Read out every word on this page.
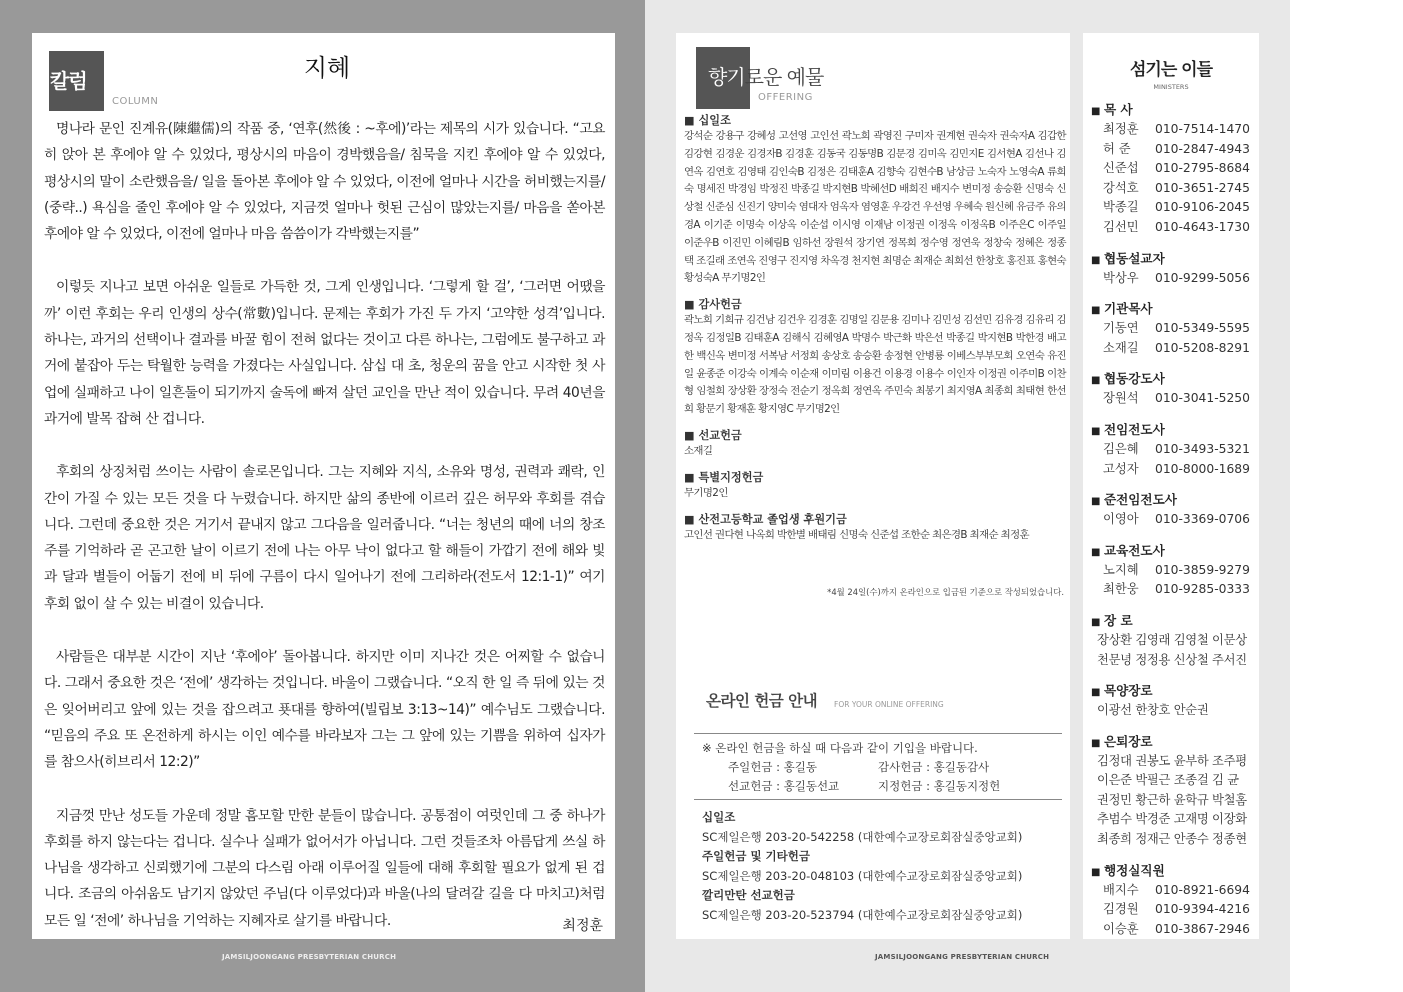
칼럼
COLUMN
지혜

명나라 문인 진계유(陳繼儒)의 작품 중, ‘연후(然後 : ~후에)’라는 제목의 시가 있습니다. “고요히 앉아 본 후에야 알 수 있었다, 평상시의 마음이 경박했음을/ 침묵을 지킨 후에야 알 수 있었다, 평상시의 말이 소란했음을/ 일을 돌아본 후에야 알 수 있었다, 이전에 얼마나 시간을 허비했는지를/ (중략..) 욕심을 줄인 후에야 알 수 있었다, 지금껏 얼마나 헛된 근심이 많았는지를/ 마음을 쏟아본 후에야 알 수 있었다, 이전에 얼마나 마음 씀씀이가 각박했는지를”

이렇듯 지나고 보면 아쉬운 일들로 가득한 것, 그게 인생입니다. ‘그렇게 할 걸’, ‘그러면 어땠을까’ 이런 후회는 우리 인생의 상수(常數)입니다. 문제는 후회가 가진 두 가지 ‘고약한 성격’입니다. 하나는, 과거의 선택이나 결과를 바꿀 힘이 전혀 없다는 것이고 다른 하나는, 그럼에도 불구하고 과거에 붙잡아 두는 탁월한 능력을 가졌다는 사실입니다. 삼십 대 초, 청운의 꿈을 안고 시작한 첫 사업에 실패하고 나이 일흔둘이 되기까지 술독에 빠져 살던 교인을 만난 적이 있습니다. 무려 40년을 과거에 발목 잡혀 산 겁니다.

후회의 상징처럼 쓰이는 사람이 솔로몬입니다. 그는 지혜와 지식, 소유와 명성, 권력과 쾌락, 인간이 가질 수 있는 모든 것을 다 누렸습니다. 하지만 삶의 종반에 이르러 깊은 허무와 후회를 겪습니다. 그런데 중요한 것은 거기서 끝내지 않고 그다음을 일러줍니다. “너는 청년의 때에 너의 창조주를 기억하라 곧 곤고한 날이 이르기 전에 나는 아무 낙이 없다고 할 해들이 가깝기 전에 해와 빛과 달과 별들이 어둡기 전에 비 뒤에 구름이 다시 일어나기 전에 그리하라(전도서 12:1-1)” 여기 후회 없이 살 수 있는 비결이 있습니다.

사람들은 대부분 시간이 지난 ‘후에야’ 돌아봅니다. 하지만 이미 지나간 것은 어찌할 수 없습니다. 그래서 중요한 것은 ‘전에’ 생각하는 것입니다. 바울이 그랬습니다. “오직 한 일 즉 뒤에 있는 것은 잊어버리고 앞에 있는 것을 잡으려고 푯대를 향하여(빌립보 3:13~14)” 예수님도 그랬습니다. “믿음의 주요 또 온전하게 하시는 이인 예수를 바라보자 그는 그 앞에 있는 기쁨을 위하여 십자가를 참으사(히브리서 12:2)”

지금껏 만난 성도들 가운데 정말 흠모할 만한 분들이 많습니다. 공통점이 여럿인데 그 중 하나가 후회를 하지 않는다는 겁니다. 실수나 실패가 없어서가 아닙니다. 그런 것들조차 아름답게 쓰실 하나님을 생각하고 신뢰했기에 그분의 다스림 아래 이루어질 일들에 대해 후회할 필요가 없게 된 겁니다. 조금의 아쉬움도 남기지 않았던 주님(다 이루었다)과 바울(나의 달려갈 길을 다 마치고)처럼 모든 일 ‘전에’ 하나님을 기억하는 지혜자로 살기를 바랍니다.	최정훈
JAMSILJOONGANG PRESBYTERIAN CHURCH
향기로운 예물
OFFERING
■ 십일조
강석순 강용구 강혜성 고선영 고인선 곽노희 곽영진 구미자 권계현 권숙자 권숙자A 김갑한 김강현 김경운 김경자B 김경훈 김동국 김동명B 김문경 김미옥 김민지E 김서현A 김선나 김연옥 김연호 김영태 김인숙B 김정은 김태훈A 김향숙 김현수B 남상금 노숙자 노영숙A 류희숙 명세진 박경임 박정진 박종길 박지현B 박혜선D 배희진 배지수 변미정 송승환 신명숙 신상철 신준심 신진기 양미숙 염대자 엄옥자 염영훈 우강건 우선영 우혜숙 원신혜 유금주 유의경A 이기준 이명숙 이상옥 이순섭 이시영 이재남 이정권 이정옥 이정옥B 이주은C 이주일 이준우B 이진민 이혜림B 임하선 장원석 장기연 정목희 정수영 정연욱 정창숙 정혜은 정종택 조길래 조연옥 진영구 진지영 차옥경 천지현 최명순 최재순 최희선 한창호 홍진표 홍현숙 황성숙A 무기명2인
■ 감사헌금
곽노희 기희규 김건남 김건우 김경훈 김명일 김문용 김미나 김민성 김선민 김유경 김유리 김정옥 김정일B 김태훈A 김해식 김혜영A 박명수 박근화 박은선 박종길 박지현B 박한경 배고한 백신옥 변미정 서복남 서정희 송상호 송승환 송정현 안병룡 이베스부부모회 오연숙 유진일 윤종준 이강숙 이계숙 이순재 이미림 이용건 이용경 이용수 이인자 이정권 이주미B 이찬형 임철희 장상환 장정숙 전순기 정옥희 정연옥 주민숙 최봉기 최지영A 최종희 최태현 한선희 황문기 황재훈 황지영C 무기명2인
■ 선교헌금
소재길
■ 특별지정헌금
무기명2인
■ 산전고등학교 졸업생 후원기금
고인선 권다현 나옥희 박한별 배태림 신명숙 신준섭 조한순 최은경B 최재순 최정훈
*4월 24일(수)까지 온라인으로 입금된 기준으로 작성되었습니다.
온라인 헌금 안내 FOR YOUR ONLINE OFFERING
※ 온라인 헌금을 하실 때 다음과 같이 기입을 바랍니다.
주일헌금 : 홍길동	감사헌금 : 홍길동감사
선교헌금 : 홍길동선교	지정헌금 : 홍길동지정헌
십일조
SC제일은행 203-20-542258 (대한예수교장로회잠실중앙교회)
주일헌금 및 기타헌금
SC제일은행 203-20-048103 (대한예수교장로회잠실중앙교회)
깔리만탄 선교헌금
SC제일은행 203-20-523794 (대한예수교장로회잠실중앙교회)
섬기는 이들
MINISTERS
■ 목 사
최정훈	010-7514-1470
허 준	010-2847-4943
신준섭	010-2795-8684
강석호	010-3651-2745
박종길	010-9106-2045
김선민	010-4643-1730
■ 협동설교자
박상우	010-9299-5056
■ 기관목사
기동연	010-5349-5595
소재길	010-5208-8291
■ 협동강도사
장원석	010-3041-5250
■ 전임전도사
김은혜	010-3493-5321
고성자	010-8000-1689
■ 준전임전도사
이영아	010-3369-0706
■ 교육전도사
노지혜	010-3859-9279
최한웅	010-9285-0333
■ 장 로
장상환 김영래 김영철 이문상
천문녕 정정용 신상철 주서진
■ 목양장로
이광선 한창호 안순권
■ 은퇴장로
김정대 권봉도 윤부하 조주평
이은준 박필근 조종걸 김 균
권정민 황근하 윤학규 박철홈
추범수 박경준 고재명 이장화
최종희 정재근 안종수 정종현
■ 행정실직원
배지수	010-8921-6694
김경원	010-9394-4216
이승훈	010-3867-2946
JAMSILJOONGANG PRESBYTERIAN CHURCH
